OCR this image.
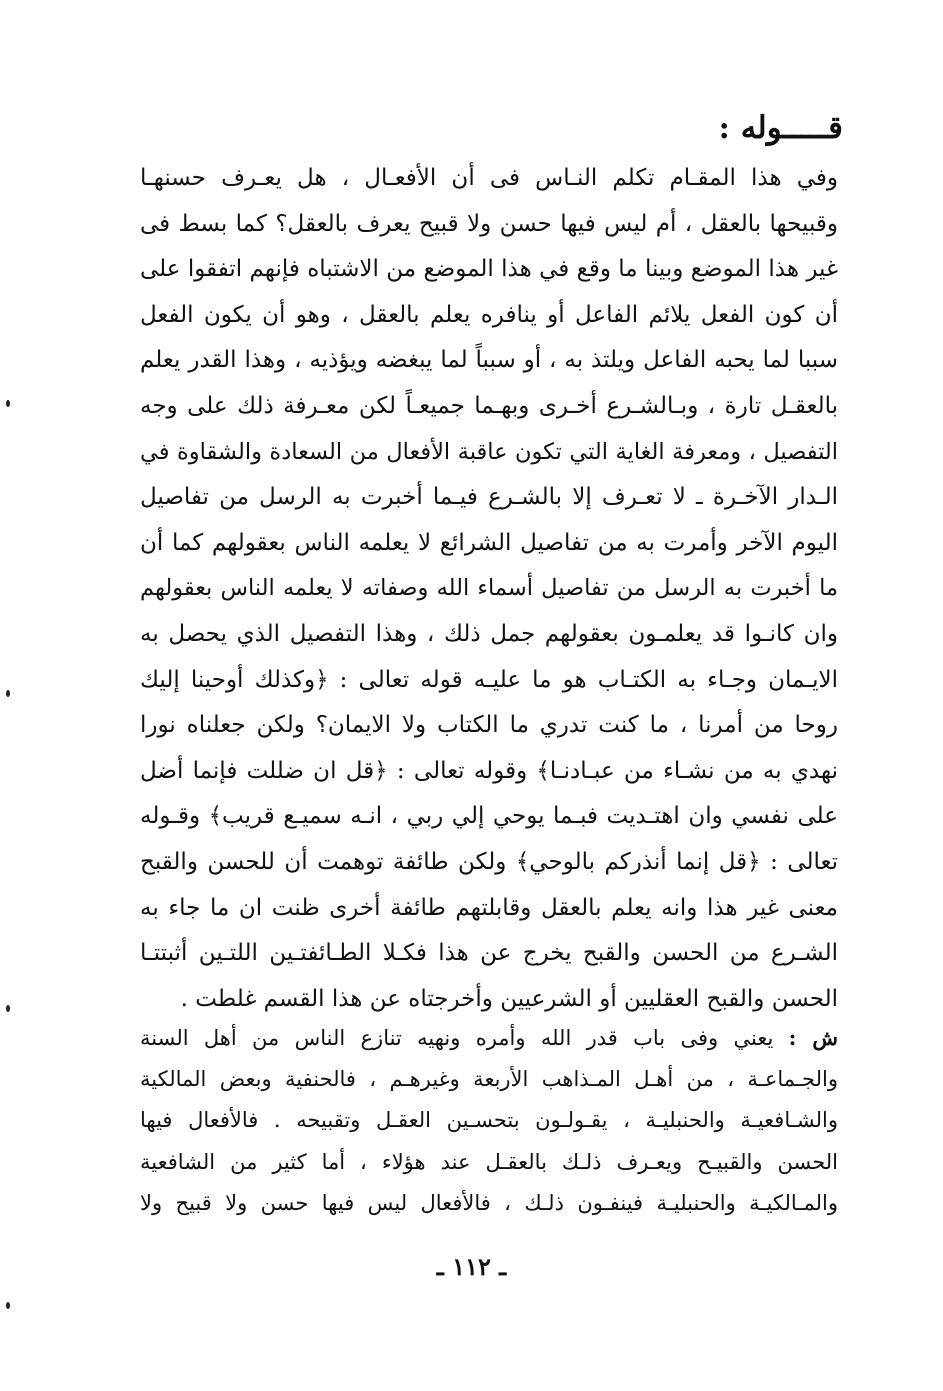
قـــــوله :
وفي هذا المقـام تكلم النـاس فى أن الأفعـال ، هل يعـرف حسنهـا
وقبيحها بالعقل ، أم ليس فيها حسن ولا قبيح يعرف بالعقل؟ كما بسط فى
غير هذا الموضع وبينا ما وقع في هذا الموضع من الاشتباه فإنهم اتفقوا على
أن كون الفعل يلائم الفاعل أو ينافره يعلم بالعقل ، وهو أن يكون الفعل
سببا لما يحبه الفاعل ويلتذ به ، أو سبباً لما يبغضه ويؤذيه ، وهذا القدر يعلم
بالعقـل تارة ، وبـالشـرع أخـرى وبهـما جميعـاً لكن معـرفة ذلك على وجه
التفصيل ، ومعرفة الغاية التي تكون عاقبة الأفعال من السعادة والشقاوة في
الـدار الآخـرة ـ لا تعـرف إلا بالشـرع فيـما أخبرت به الرسل من تفاصيل
اليوم الآخر وأمرت به من تفاصيل الشرائع لا يعلمه الناس بعقولهم كما أن
ما أخبرت به الرسل من تفاصيل أسماء الله وصفاته لا يعلمه الناس بعقولهم
وان كانـوا قد يعلمـون بعقولهم جمل ذلك ، وهذا التفصيل الذي يحصل به
الايـمان وجـاء به الكتـاب هو ما عليـه قوله تعالى : ﴿وكذلك أوحينا إليك
روحا من أمرنا ، ما كنت تدري ما الكتاب ولا الايمان؟ ولكن جعلناه نورا
نهدي به من نشـاء من عبـادنـا﴾ وقوله تعالى : ﴿قل ان ضللت فإنما أضل
على نفسي وان اهتـديت فبـما يوحي إلي ربي ، انـه سميـع قريب﴾ وقـوله
تعالى : ﴿قل إنما أنذركم بالوحي﴾ ولكن طائفة توهمت أن للحسن والقبح
معنى غير هذا وانه يعلم بالعقل وقابلتهم طائفة أخرى ظنت ان ما جاء به
الشـرع من الحسن والقبح يخرج عن هذا فكـلا الطـائفتـين اللتـين أثبتتـا
الحسن والقبح العقليين أو الشرعيين وأخرجتاه عن هذا القسم غلطت .
ش : يعني وفى باب قدر الله وأمره ونهيه تنازع الناس من أهل السنة
والجـماعـة ، من أهـل المـذاهب الأربعة وغيرهـم ، فالحنفية وبعض المالكية
والشـافعيـة والحنبليـة ، يقـولـون بتحسـين العقـل وتقبيحه . فالأفعال فيها
الحسن والقبيـح ويعـرف ذلـك بالعقـل عند هؤلاء ، أما كثير من الشافعية
والمـالكيـة والحنبليـة فينفـون ذلـك ، فالأفعال ليس فيها حسن ولا قبيح ولا
ـ ١١٢ ـ
